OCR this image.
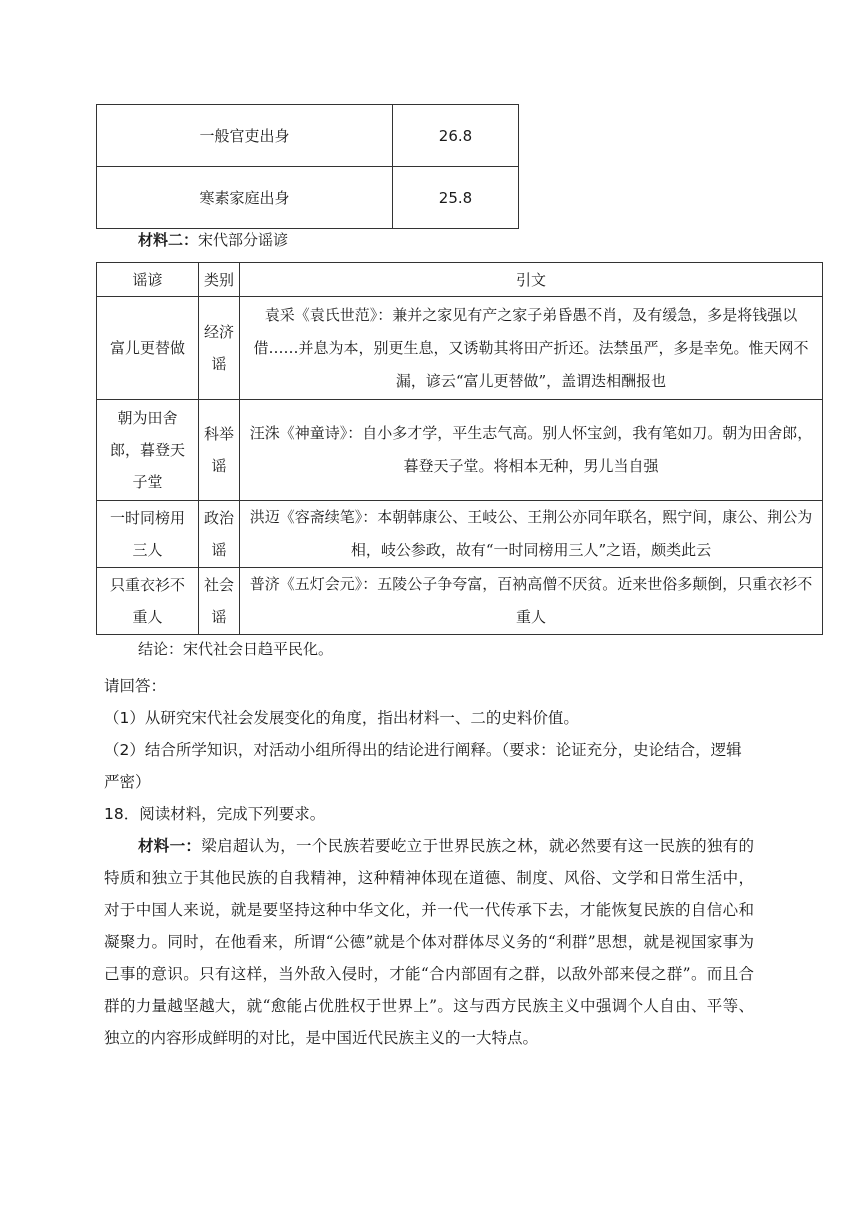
一般官吏出身	26.8
寒素家庭出身	25.8
材料二：宋代部分谣谚
谣谚	类别	引文
富儿更替做	经济谣	袁采《袁氏世范》：兼并之家见有产之家子弟昏愚不肖，及有缓急，多是将钱强以借……并息为本，别更生息，又诱勒其将田产折还。法禁虽严，多是幸免。惟天网不漏，谚云“富儿更替做”，盖谓迭相酬报也
朝为田舍郎，暮登天子堂	科举谣	汪洙《神童诗》：自小多才学，平生志气高。别人怀宝剑，我有笔如刀。朝为田舍郎，暮登天子堂。将相本无种，男儿当自强
一时同榜用三人	政治谣	洪迈《容斋续笔》：本朝韩康公、王岐公、王荆公亦同年联名，熙宁间，康公、荆公为相，岐公参政，故有“一时同榜用三人”之语，颇类此云
只重衣衫不重人	社会谣	普济《五灯会元》：五陵公子争夸富，百衲高僧不厌贫。近来世俗多颠倒，只重衣衫不重人
结论：宋代社会日趋平民化。
请回答：
（1）从研究宋代社会发展变化的角度，指出材料一、二的史料价值。
（2）结合所学知识，对活动小组所得出的结论进行阐释。（要求：论证充分，史论结合，逻辑严密）
18．阅读材料，完成下列要求。
材料一：梁启超认为，一个民族若要屹立于世界民族之林，就必然要有这一民族的独有的特质和独立于其他民族的自我精神，这种精神体现在道德、制度、风俗、文学和日常生活中，对于中国人来说，就是要坚持这种中华文化，并一代一代传承下去，才能恢复民族的自信心和凝聚力。同时，在他看来，所谓“公德”就是个体对群体尽义务的“利群”思想，就是视国家事为己事的意识。只有这样，当外敌入侵时，才能“合内部固有之群，以敌外部来侵之群”。而且合群的力量越坚越大，就“愈能占优胜权于世界上”。这与西方民族主义中强调个人自由、平等、独立的内容形成鲜明的对比，是中国近代民族主义的一大特点。
